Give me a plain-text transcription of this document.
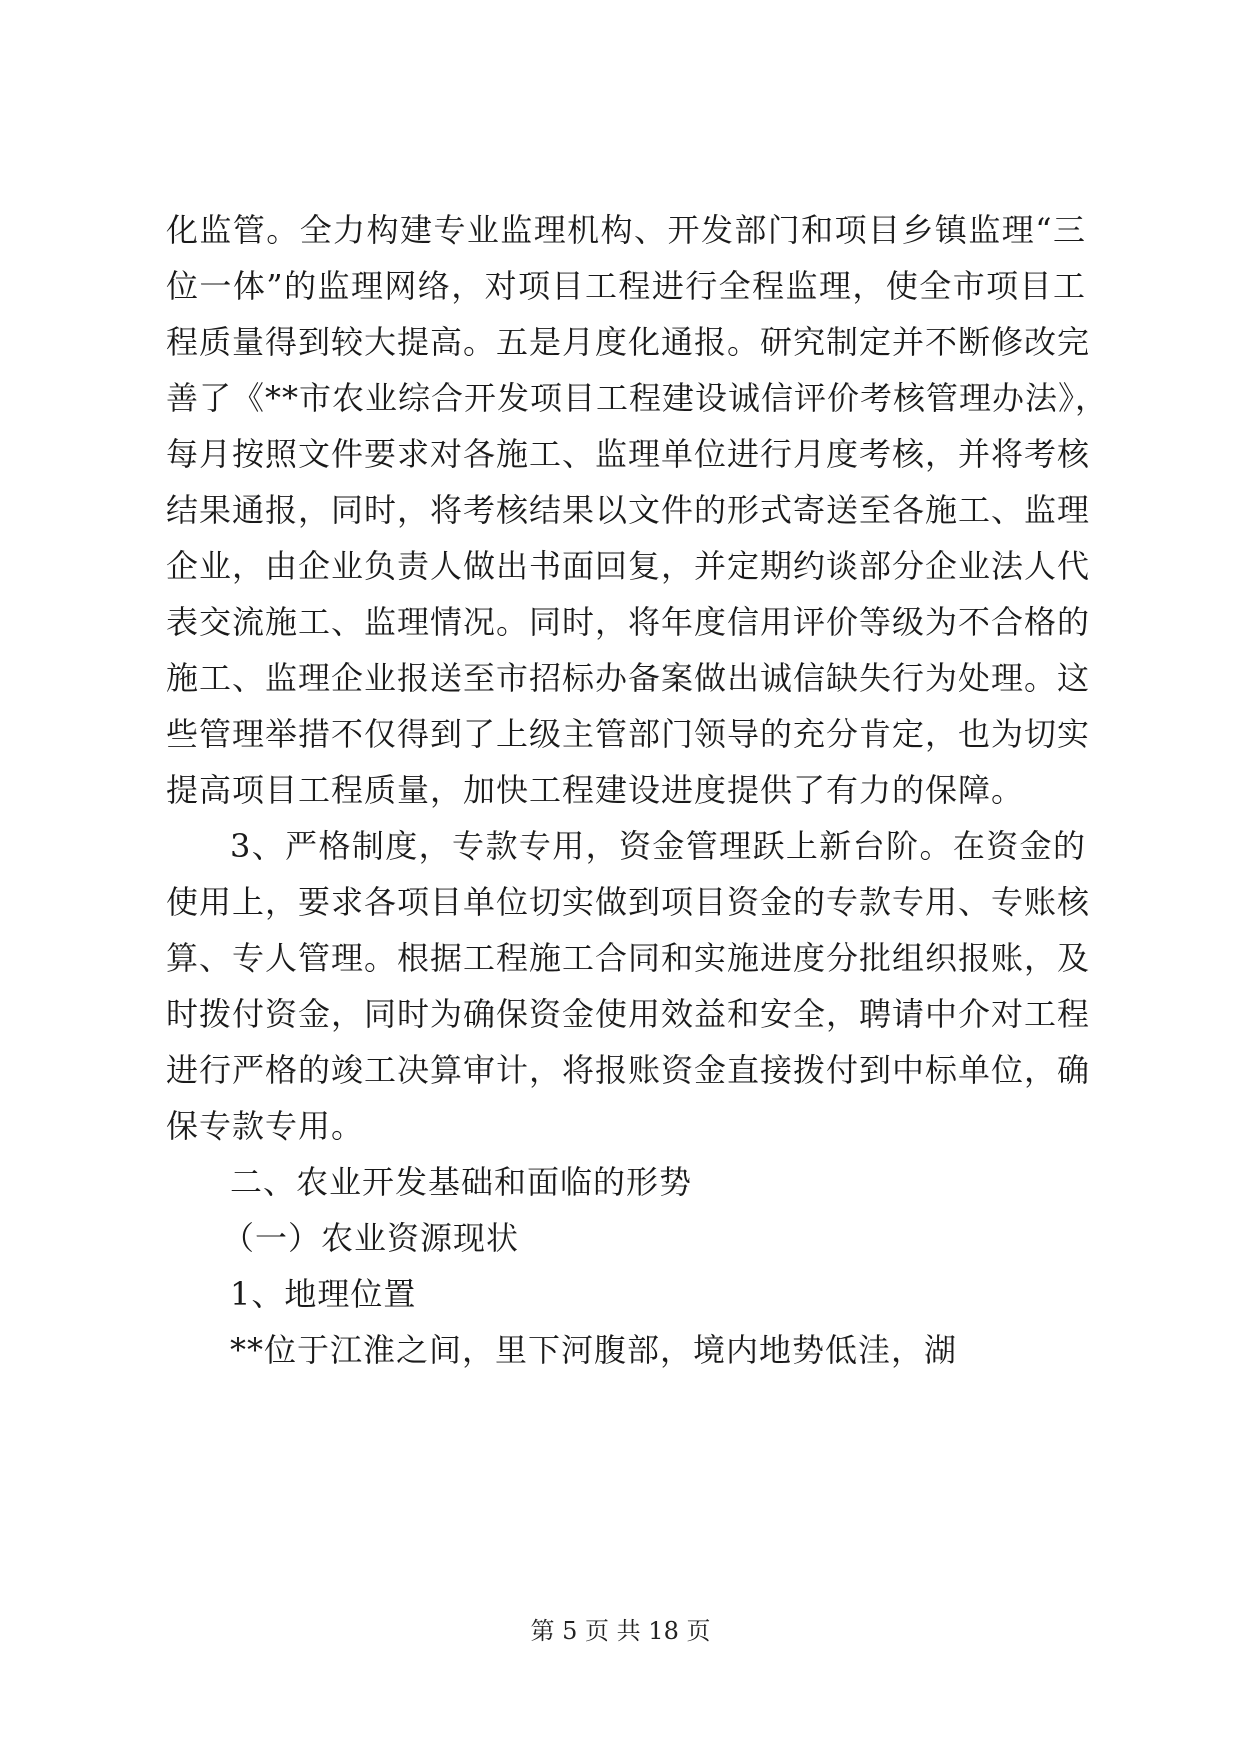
化监管。全力构建专业监理机构、开发部门和项目乡镇监理“三
位一体”的监理网络，对项目工程进行全程监理，使全市项目工
程质量得到较大提高。五是月度化通报。研究制定并不断修改完
善了《**市农业综合开发项目工程建设诚信评价考核管理办法》，
每月按照文件要求对各施工、监理单位进行月度考核，并将考核
结果通报，同时，将考核结果以文件的形式寄送至各施工、监理
企业，由企业负责人做出书面回复，并定期约谈部分企业法人代
表交流施工、监理情况。同时，将年度信用评价等级为不合格的
施工、监理企业报送至市招标办备案做出诚信缺失行为处理。这
些管理举措不仅得到了上级主管部门领导的充分肯定，也为切实
提高项目工程质量，加快工程建设进度提供了有力的保障。
3、严格制度，专款专用，资金管理跃上新台阶。在资金的
使用上，要求各项目单位切实做到项目资金的专款专用、专账核
算、专人管理。根据工程施工合同和实施进度分批组织报账，及
时拨付资金，同时为确保资金使用效益和安全，聘请中介对工程
进行严格的竣工决算审计，将报账资金直接拨付到中标单位，确
保专款专用。
二、农业开发基础和面临的形势
（一）农业资源现状
1、地理位置
**位于江淮之间，里下河腹部，境内地势低洼，湖
第 5 页 共 18 页
